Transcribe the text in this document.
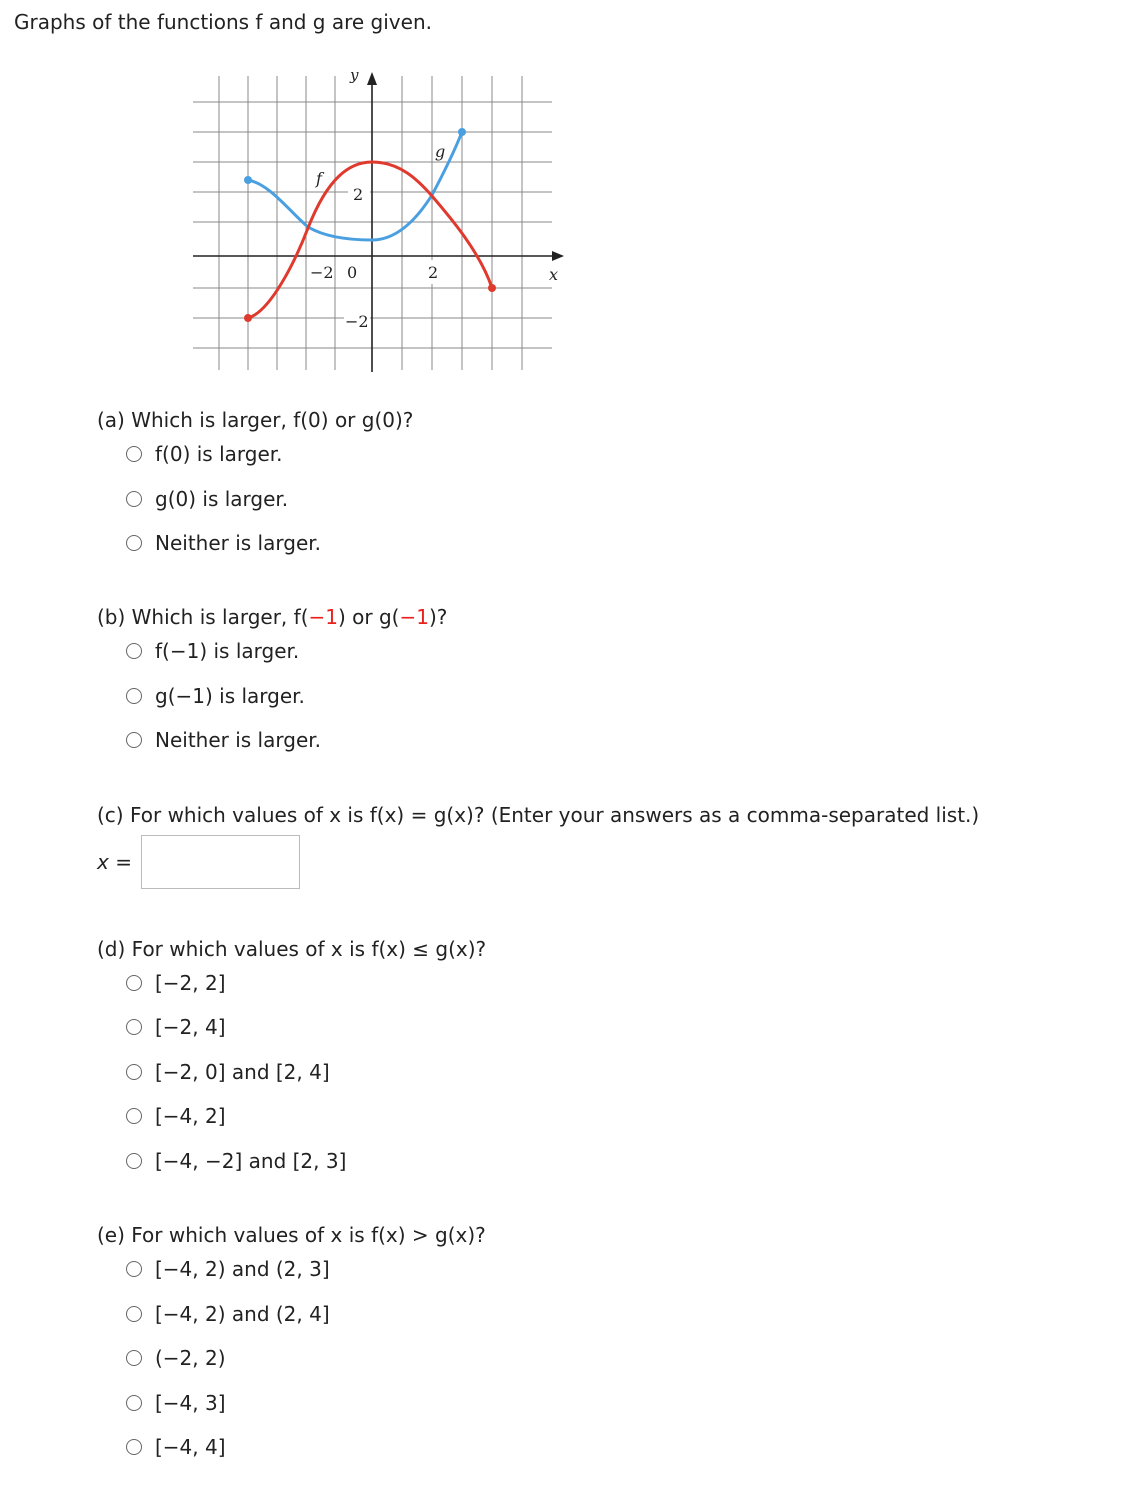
Graphs of the functions f and g are given.
y
x
−2 0	2
2
−2
f
g
(a) Which is larger, f(0) or g(0)?
f(0) is larger.
g(0) is larger.
Neither is larger.
(b) Which is larger, f(−1) or g(−1)?
f(−1) is larger.
g(−1) is larger.
Neither is larger.
(c) For which values of x is f(x) = g(x)? (Enter your answers as a comma-separated list.)
x =
(d) For which values of x is f(x) ≤ g(x)?
[−2, 2]
[−2, 4]
[−2, 0] and [2, 4]
[−4, 2]
[−4, −2] and [2, 3]
(e) For which values of x is f(x) > g(x)?
[−4, 2) and (2, 3]
[−4, 2) and (2, 4]
(−2, 2)
[−4, 3]
[−4, 4]
